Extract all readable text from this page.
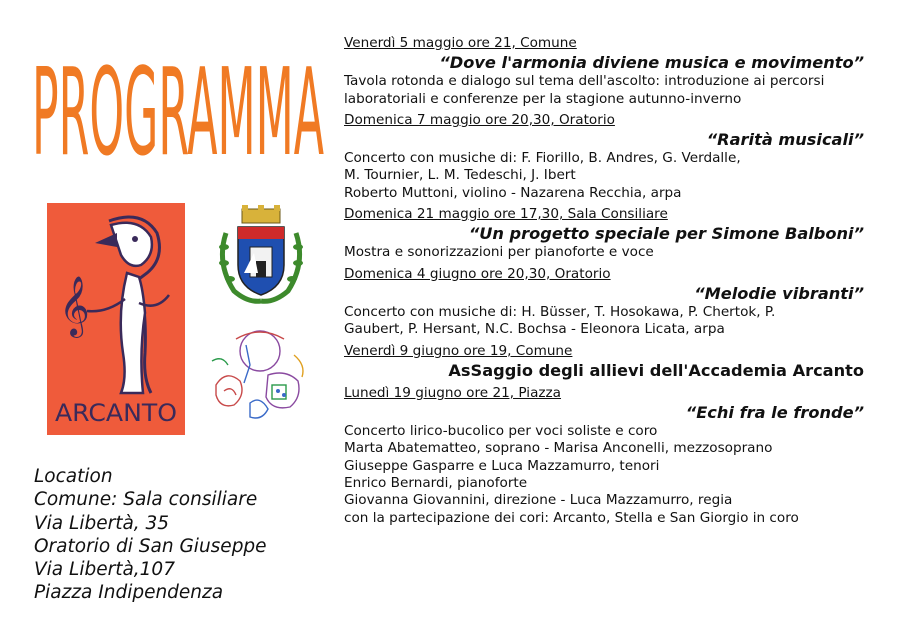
PROGRAMMA
𝄞
ARCANTO
Location
Comune: Sala consiliare
Via Libertà, 35
Oratorio di San Giuseppe
Via Libertà,107
Piazza Indipendenza
Venerdì 5 maggio ore 21, Comune
“Dove l'armonia diviene musica e movimento”
Tavola rotonda e dialogo sul tema dell'ascolto: introduzione ai percorsi
laboratoriali e conferenze per la stagione autunno-inverno
Domenica 7 maggio ore 20,30, Oratorio
“Rarità musicali”
Concerto con musiche di: F. Fiorillo, B. Andres, G. Verdalle,
M. Tournier, L. M. Tedeschi, J. Ibert
Roberto Muttoni, violino - Nazarena Recchia, arpa
Domenica 21 maggio ore 17,30, Sala Consiliare
“Un progetto speciale per Simone Balboni”
Mostra e sonorizzazioni per pianoforte e voce
Domenica 4 giugno ore 20,30, Oratorio
“Melodie vibranti”
Concerto con musiche di: H. Büsser, T. Hosokawa, P. Chertok, P.
Gaubert, P. Hersant, N.C. Bochsa - Eleonora Licata, arpa
Venerdì 9 giugno ore 19, Comune
AsSaggio degli allievi dell'Accademia Arcanto
Lunedì 19 giugno ore 21, Piazza
“Echi fra le fronde”
Concerto lirico-bucolico per voci soliste e coro
Marta Abatematteo, soprano - Marisa Anconelli, mezzosoprano
Giuseppe Gasparre e Luca Mazzamurro, tenori
Enrico Bernardi, pianoforte
Giovanna Giovannini, direzione - Luca Mazzamurro, regia
con la partecipazione dei cori: Arcanto, Stella e San Giorgio in coro
